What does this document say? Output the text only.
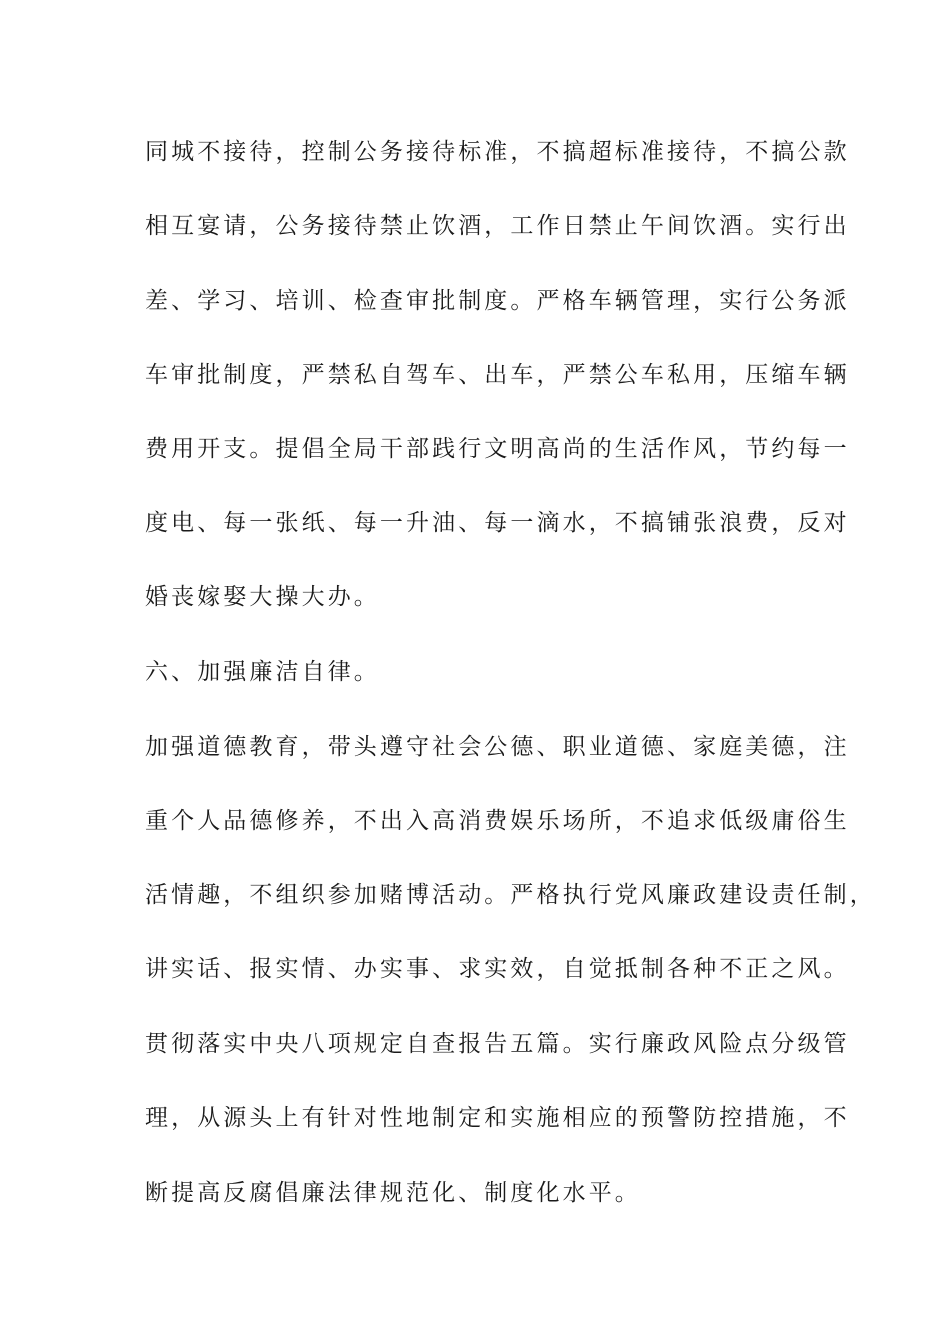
同城不接待，控制公务接待标准，不搞超标准接待，不搞公款
相互宴请，公务接待禁止饮酒，工作日禁止午间饮酒。实行出
差、学习、培训、检查审批制度。严格车辆管理，实行公务派
车审批制度，严禁私自驾车、出车，严禁公车私用，压缩车辆
费用开支。提倡全局干部践行文明高尚的生活作风，节约每一
度电、每一张纸、每一升油、每一滴水，不搞铺张浪费，反对
婚丧嫁娶大操大办。
六、加强廉洁自律。
加强道德教育，带头遵守社会公德、职业道德、家庭美德，注
重个人品德修养，不出入高消费娱乐场所，不追求低级庸俗生
活情趣，不组织参加赌博活动。严格执行党风廉政建设责任制，
讲实话、报实情、办实事、求实效，自觉抵制各种不正之风。
贯彻落实中央八项规定自查报告五篇。实行廉政风险点分级管
理，从源头上有针对性地制定和实施相应的预警防控措施，不
断提高反腐倡廉法律规范化、制度化水平。
